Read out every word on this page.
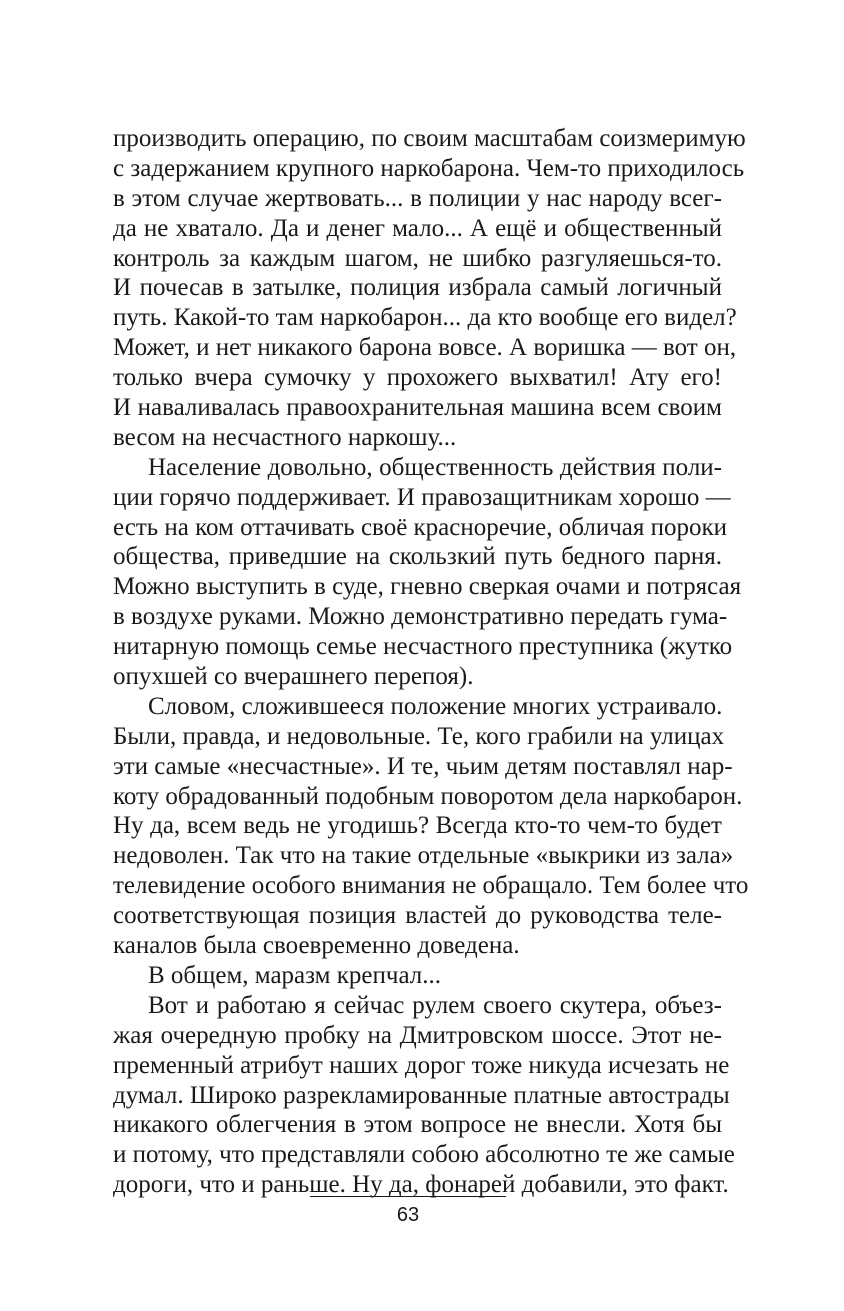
производить операцию, по своим масштабам соизмеримую
с задержанием крупного наркобарона. Чем-то приходилось
в этом случае жертвовать... в полиции у нас народу всег-
да не хватало. Да и денег мало... А ещё и общественный
контроль за каждым шагом, не шибко разгуляешься-то.
И почесав в затылке, полиция избрала самый логичный
путь. Какой-то там наркобарон... да кто вообще его видел?
Может, и нет никакого барона вовсе. А воришка — вот он,
только вчера сумочку у прохожего выхватил! Ату его!
И наваливалась правоохранительная машина всем своим
весом на несчастного наркошу...
Население довольно, общественность действия поли-
ции горячо поддерживает. И правозащитникам хорошо —
есть на ком оттачивать своё красноречие, обличая пороки
общества, приведшие на скользкий путь бедного парня.
Можно выступить в суде, гневно сверкая очами и потрясая
в воздухе руками. Можно демонстративно передать гума-
нитарную помощь семье несчастного преступника (жутко
опухшей со вчерашнего перепоя).
Словом, сложившееся положение многих устраивало.
Были, правда, и недовольные. Те, кого грабили на улицах
эти самые «несчастные». И те, чьим детям поставлял нар-
коту обрадованный подобным поворотом дела наркобарон.
Ну да, всем ведь не угодишь? Всегда кто-то чем-то будет
недоволен. Так что на такие отдельные «выкрики из зала»
телевидение особого внимания не обращало. Тем более что
соответствующая позиция властей до руководства теле-
каналов была своевременно доведена.
В общем, маразм крепчал...
Вот и работаю я сейчас рулем своего скутера, объез-
жая очередную пробку на Дмитровском шоссе. Этот не-
пременный атрибут наших дорог тоже никуда исчезать не
думал. Широко разрекламированные платные автострады
никакого облегчения в этом вопросе не внесли. Хотя бы
и потому, что представляли собою абсолютно те же самые
дороги, что и раньше. Ну да, фонарей добавили, это факт.
63
